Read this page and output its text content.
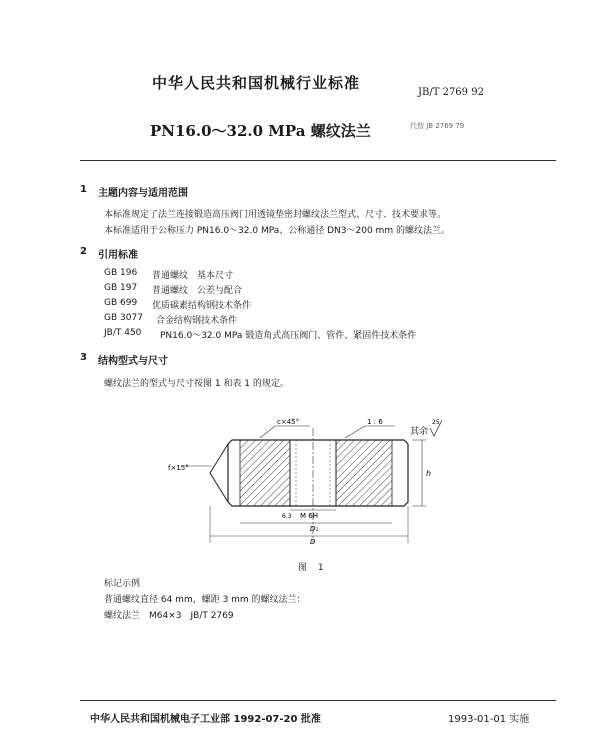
中华人民共和国机械行业标准
JB/T 2769 92
PN16.0～32.0 MPa 螺纹法兰	代替 JB 2769 79
1 主题内容与适用范围
本标准规定了法兰连接锻造高压阀门用透镜垫密封螺纹法兰型式、尺寸、技术要求等。
本标准适用于公称压力 PN16.0～32.0 MPa、公称通径 DN3～200 mm 的螺纹法兰。
2 引用标准
GB 196 普通螺纹　基本尺寸
GB 197 普通螺纹　公差与配合
GB 699 优质碳素结构钢技术条件
GB 3077 合金结构钢技术条件
JB/T 450 PN16.0～32.0 MPa 锻造角式高压阀门、管件、紧固件技术条件
3 结构型式与尺寸
螺纹法兰的型式与尺寸按图 1 和表 1 的规定。
c×45°	1 : 6
其余
25
f×15°
h
6.3 M 6H
D₁
D
图 1
标记示例
普通螺纹直径 64 mm，螺距 3 mm 的螺纹法兰：
螺纹法兰　M64×3　JB/T 2769
中华人民共和国机械电子工业部 1992-07-20 批准	1993-01-01 实施
